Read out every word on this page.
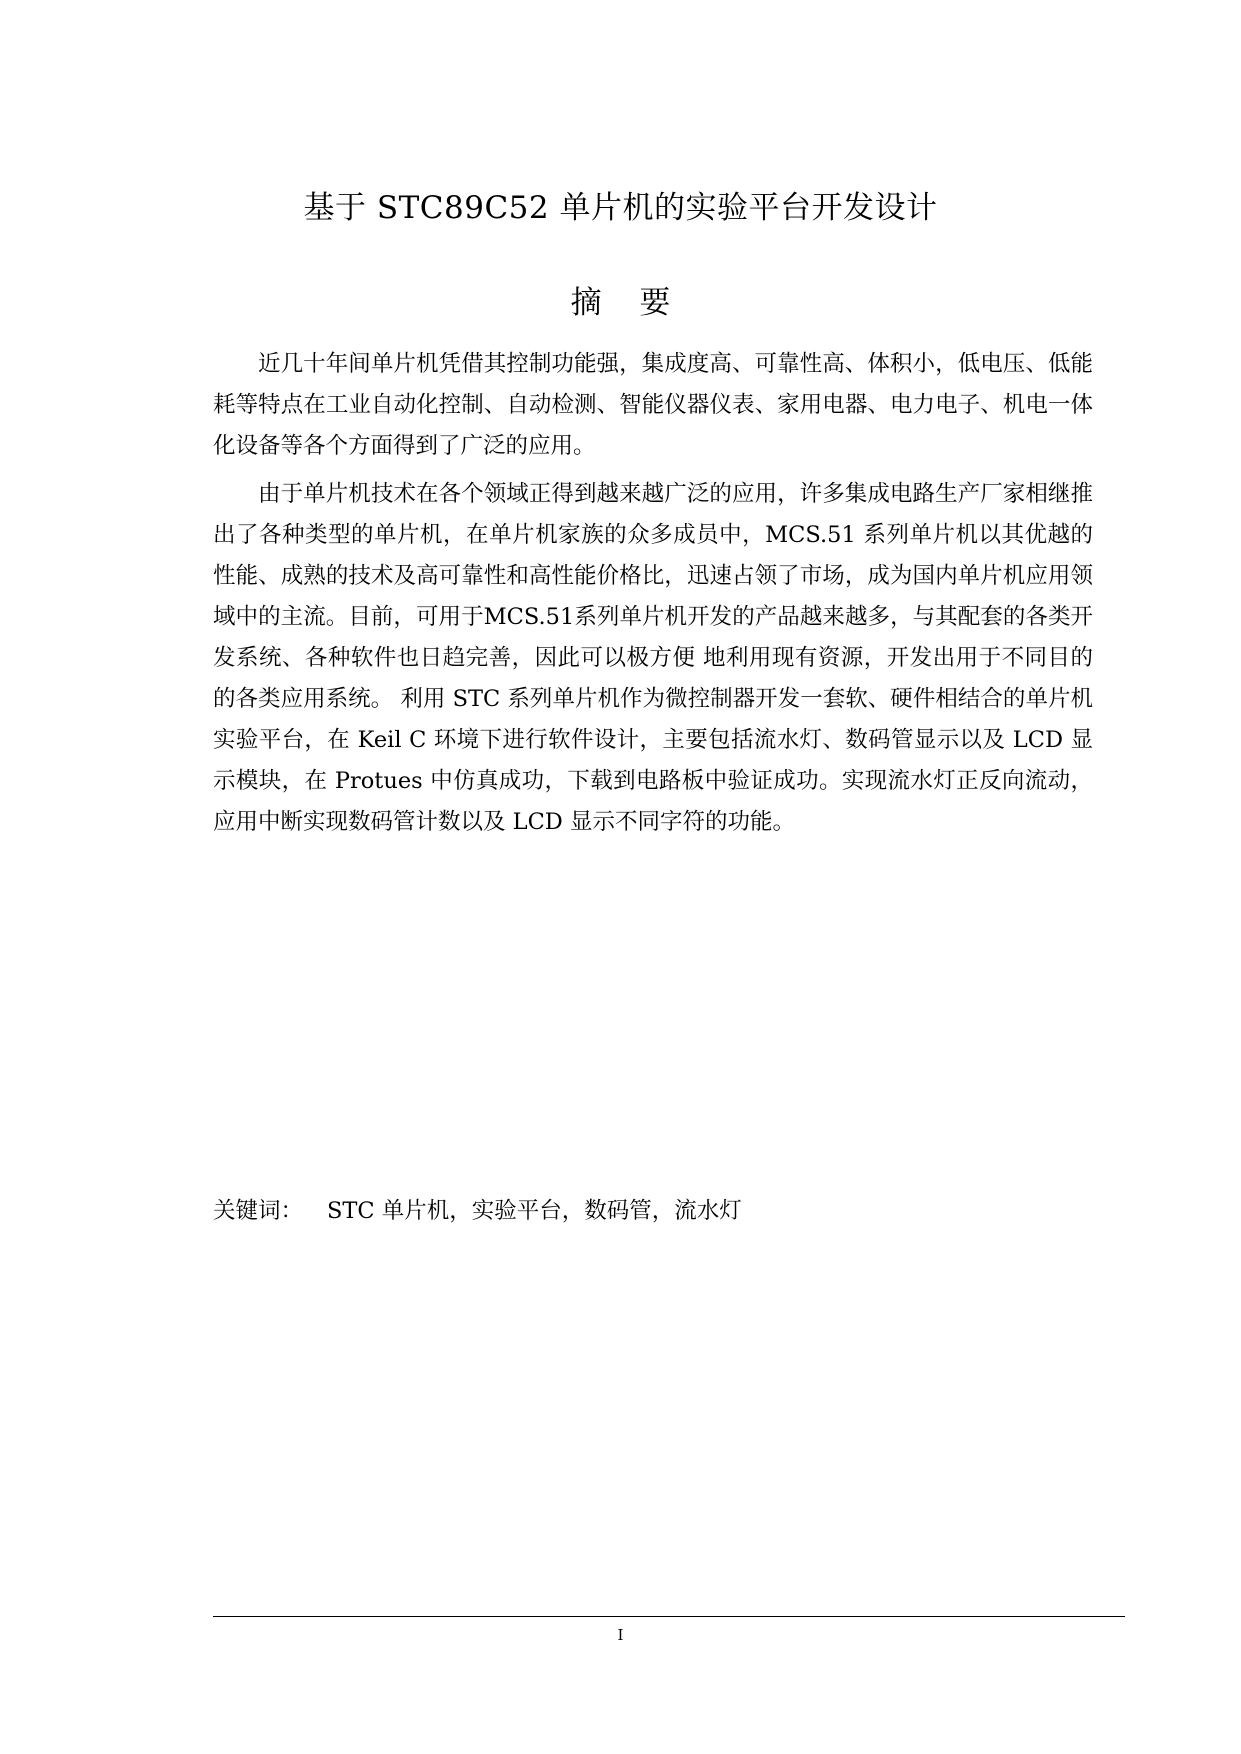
基于 STC89C52 单片机的实验平台开发设计
摘 要

近几十年间单片机凭借其控制功能强，集成度高、可靠性高、体积小，低电压、低能耗等特点在工业自动化控制、自动检测、智能仪器仪表、家用电器、电力电子、机电一体化设备等各个方面得到了广泛的应用。

由于单片机技术在各个领域正得到越来越广泛的应用，许多集成电路生产厂家相继推出了各种类型的单片机，在单片机家族的众多成员中，MCS.51 系列单片机以其优越的性能、成熟的技术及高可靠性和高性能价格比，迅速占领了市场，成为国内单片机应用领域中的主流。目前，可用于MCS.51系列单片机开发的产品越来越多，与其配套的各类开发系统、各种软件也日趋完善，因此可以极方便 地利用现有资源，开发出用于不同目的的各类应用系统。 利用 STC 系列单片机作为微控制器开发一套软、硬件相结合的单片机实验平台，在 Keil C 环境下进行软件设计，主要包括流水灯、数码管显示以及 LCD 显示模块，在 Protues 中仿真成功，下载到电路板中验证成功。实现流水灯正反向流动， 应用中断实现数码管计数以及 LCD 显示不同字符的功能。

关键词： STC 单片机，实验平台，数码管，流水灯
I
